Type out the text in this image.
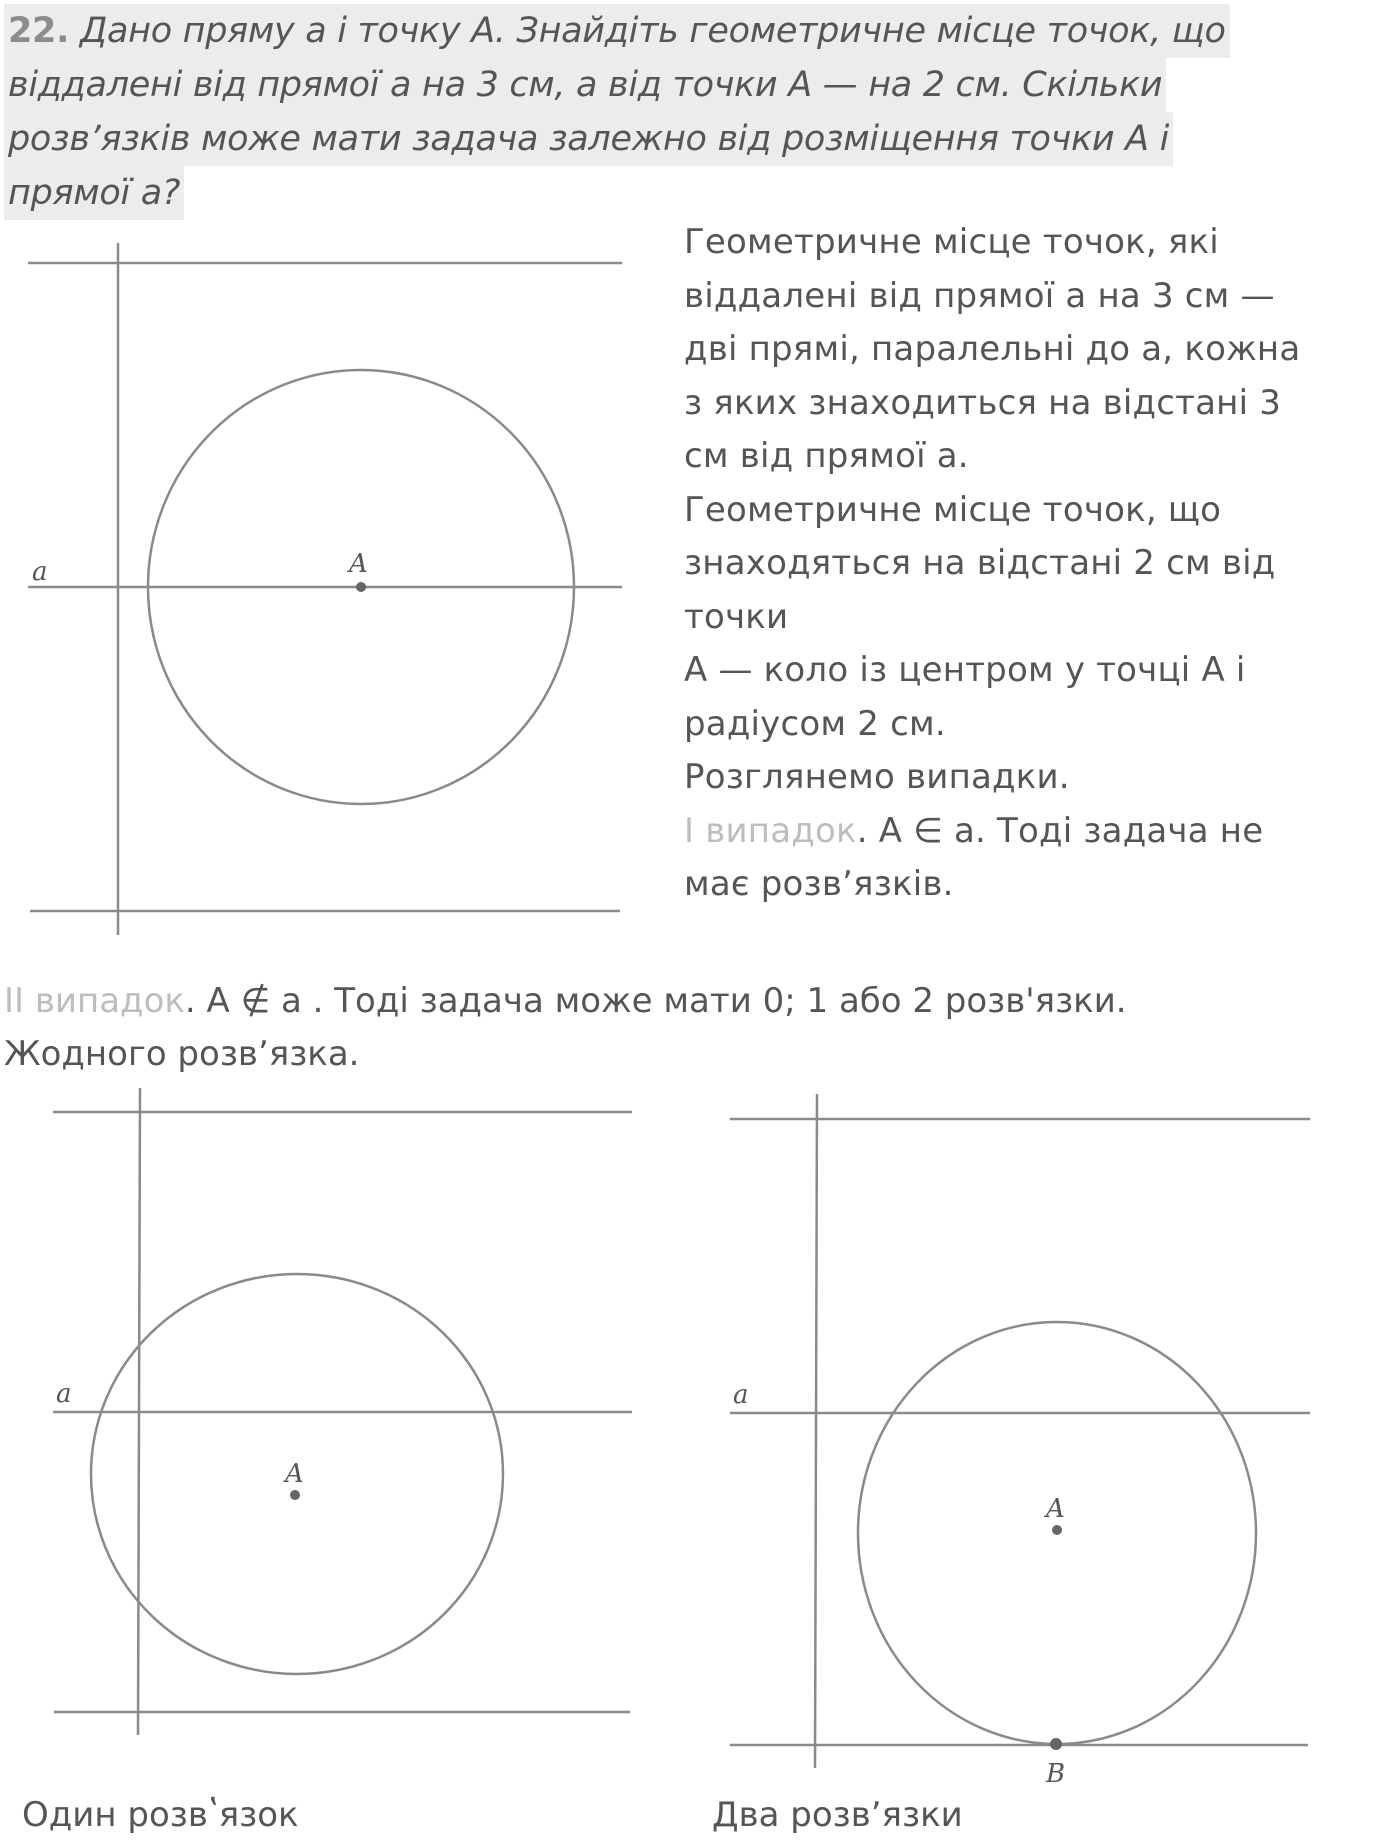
22. Дано пряму а і точку А. Знайдіть геометричне місце точок, що
віддалені від прямої а на 3 см, а від точки А — на 2 см. Скільки
розв’язків може мати задача залежно від розміщення точки А і
прямої а?
Геометричне місце точок, які
віддалені від прямої а на 3 см —
дві прямі, паралельні до а, кожна
з яких знаходиться на відстані 3
см від прямої а.
Геометричне місце точок, що
знаходяться на відстані 2 см від
точки
А — коло із центром у точці А і
радіусом 2 см.
Розглянемо випадки.
І випадок. А ∈ а. Тоді задача не
має розв’язків.
ІІ випадок. А ∉ а . Тоді задача може мати 0; 1 або 2 розв'язки.
Жодного розв’язка.
a	A
a
A
a
A
B
Один розвʽязок	Два розв’язки
